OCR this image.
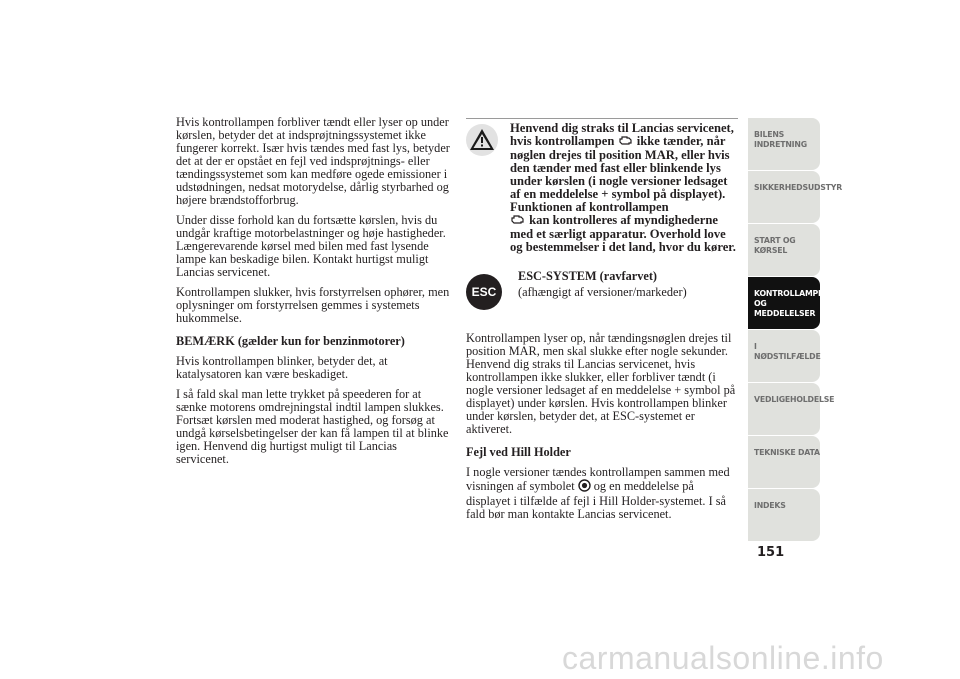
Hvis kontrollampen forbliver tændt eller lyser op under kørslen, betyder det at indsprøjtningssystemet ikke fungerer korrekt. Især hvis tændes med fast lys, betyder det at der er opstået en fejl ved indsprøjtnings- eller tændingssystemet som kan medføre ogede emissioner i udstødningen, nedsat motorydelse, dårlig styrbarhed og højere brændstofforbrug.

Under disse forhold kan du fortsætte kørslen, hvis du undgår kraftige motorbelastninger og høje hastigheder. Længerevarende kørsel med bilen med fast lysende lampe kan beskadige bilen. Kontakt hurtigst muligt Lancias servicenet.

Kontrollampen slukker, hvis forstyrrelsen ophører, men oplysninger om forstyrrelsen gemmes i systemets hukommelse.

BEMÆRK (gælder kun for benzinmotorer)

Hvis kontrollampen blinker, betyder det, at katalysatoren kan være beskadiget.

I så fald skal man lette trykket på speederen for at sænke motorens omdrejningstal indtil lampen slukkes. Fortsæt kørslen med moderat hastighed, og forsøg at undgå kørselsbetingelser der kan få lampen til at blinke igen. Henvend dig hurtigst muligt til Lancias servicenet.

Henvend dig straks til Lancias servicenet, hvis kontrollampen ikke tænder, når nøglen drejes til position MAR, eller hvis den tænder med fast eller blinkende lys under kørslen (i nogle versioner ledsaget af en meddelelse + symbol på displayet). Funktionen af kontrollampen
kan kontrolleres af myndighederne med et særligt apparatur. Overhold love og bestemmelser i det land, hvor du kører.
ESC
ESC-SYSTEM (ravfarvet)
(afhængigt af versioner/markeder)

Kontrollampen lyser op, når tændingsnøglen drejes til position MAR, men skal slukke efter nogle sekunder. Henvend dig straks til Lancias servicenet, hvis kontrollampen ikke slukker, eller forbliver tændt (i nogle versioner ledsaget af en meddelelse + symbol på displayet) under kørslen. Hvis kontrollampen blinker under kørslen, betyder det, at ESC-systemet er aktiveret.

Fejl ved Hill Holder

I nogle versioner tændes kontrollampen sammen med visningen af symbolet og en meddelelse på displayet i tilfælde af fejl i Hill Holder-systemet. I så fald bør man kontakte Lancias servicenet.

BILENS
INDRETNING
SIKKERHEDSUDSTYR
START OG KØRSEL
KONTROLLAMPER
OG MEDDELELSER
I NØDSTILFÆLDE
VEDLIGEHOLDELSE
TEKNISKE DATA
INDEKS
151
carmanualsonline.info
